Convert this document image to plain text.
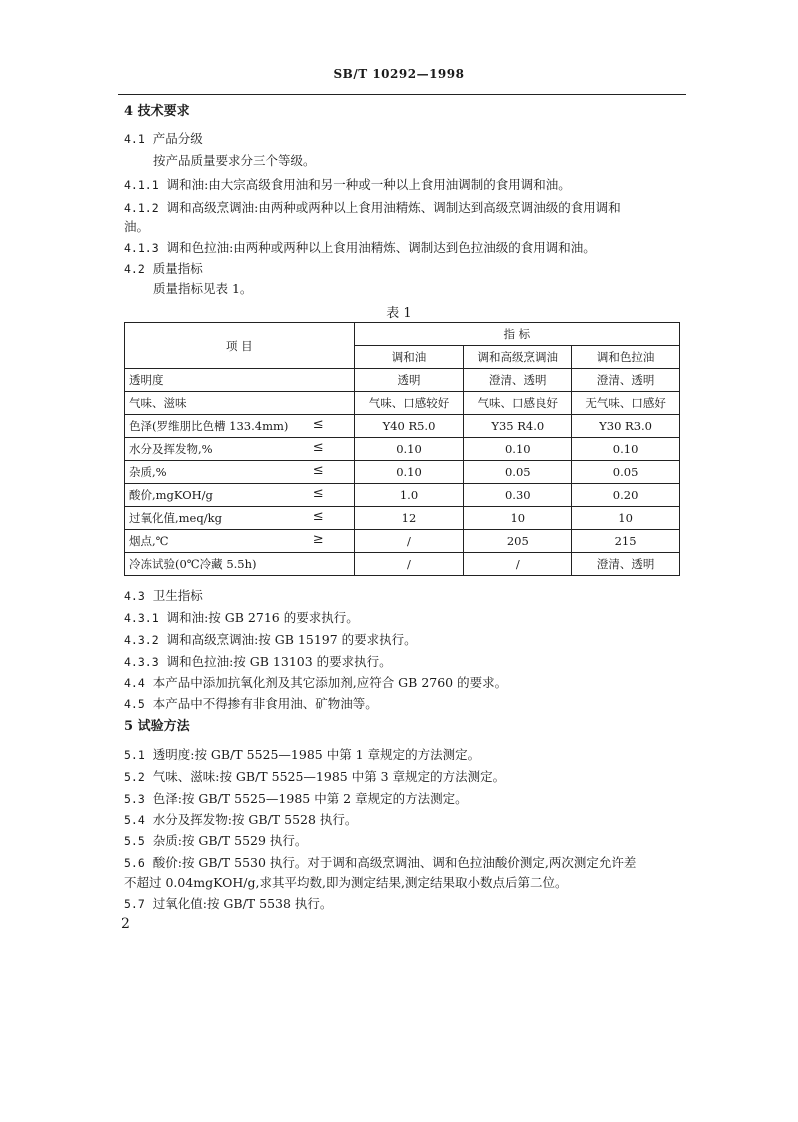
SB/T 10292—1998
4 技术要求
4.1 产品分级
按产品质量要求分三个等级。
4.1.1 调和油:由大宗高级食用油和另一种或一种以上食用油调制的食用调和油。
4.1.2 调和高级烹调油:由两种或两种以上食用油精炼、调制达到高级烹调油级的食用调和
油。
4.1.3 调和色拉油:由两种或两种以上食用油精炼、调制达到色拉油级的食用调和油。
4.2 质量指标
质量指标见表 1。
表 1
项 目	指 标		
	调和油	调和高级烹调油	调和色拉油
透明度	透明	澄清、透明	澄清、透明
气味、滋味	气味、口感较好	气味、口感良好	无气味、口感好
色泽(罗维朋比色槽 133.4mm) ≤	Y40 R5.0	Y35 R4.0	Y30 R3.0
水分及挥发物,% ≤	0.10	0.10	0.10
杂质,% ≤	0.10	0.05	0.05
酸价,mgKOH/g ≤	1.0	0.30	0.20
过氧化值,meq/kg ≤	12	10	10
烟点,℃ ≥	/	205	215
冷冻试验(0℃冷藏 5.5h)	/	/	澄清、透明
4.3 卫生指标
4.3.1 调和油:按 GB 2716 的要求执行。
4.3.2 调和高级烹调油:按 GB 15197 的要求执行。
4.3.3 调和色拉油:按 GB 13103 的要求执行。
4.4 本产品中添加抗氧化剂及其它添加剂,应符合 GB 2760 的要求。
4.5 本产品中不得掺有非食用油、矿物油等。
5 试验方法
5.1 透明度:按 GB/T 5525—1985 中第 1 章规定的方法测定。
5.2 气味、滋味:按 GB/T 5525—1985 中第 3 章规定的方法测定。
5.3 色泽:按 GB/T 5525—1985 中第 2 章规定的方法测定。
5.4 水分及挥发物:按 GB/T 5528 执行。
5.5 杂质:按 GB/T 5529 执行。
5.6 酸价:按 GB/T 5530 执行。对于调和高级烹调油、调和色拉油酸价测定,两次测定允许差
不超过 0.04mgKOH/g,求其平均数,即为测定结果,测定结果取小数点后第二位。
5.7 过氧化值:按 GB/T 5538 执行。
2
